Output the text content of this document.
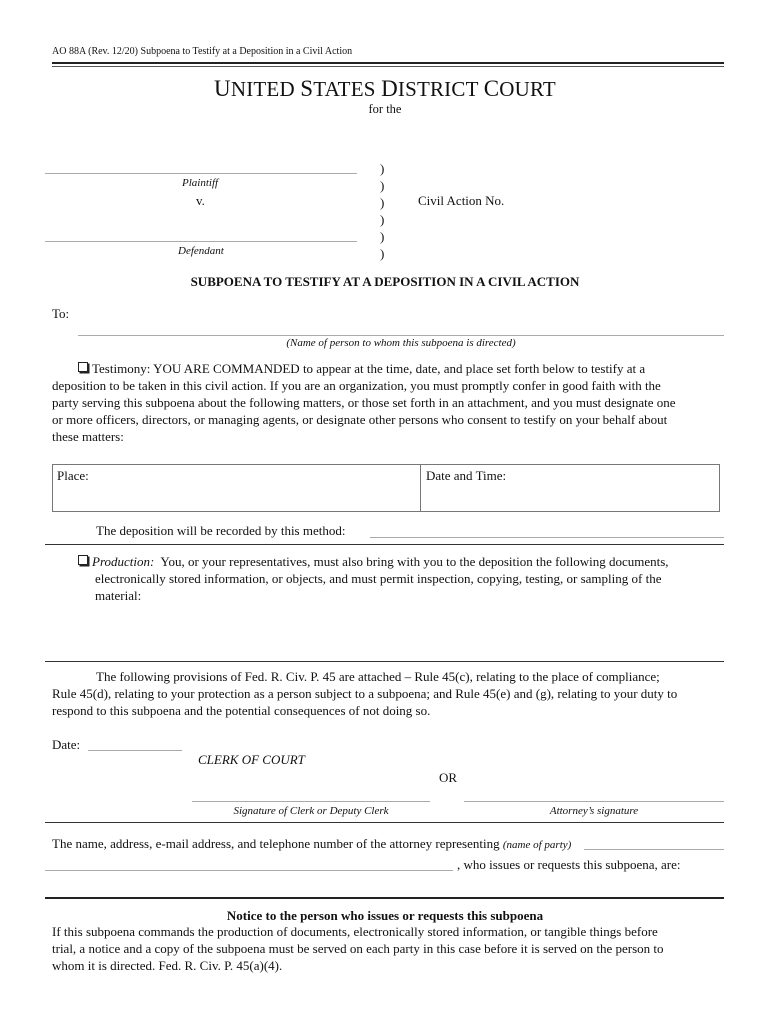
AO 88A (Rev. 12/20) Subpoena to Testify at a Deposition in a Civil Action
UNITED STATES DISTRICT COURT
for the
Plaintiff
v.
Defendant
)
)
)
)
)
)
Civil Action No.
SUBPOENA TO TESTIFY AT A DEPOSITION IN A CIVIL ACTION
To:
(Name of person to whom this subpoena is directed)
Testimony: YOU ARE COMMANDED to appear at the time, date, and place set forth below to testify at a
deposition to be taken in this civil action. If you are an organization, you must promptly confer in good faith with the
party serving this subpoena about the following matters, or those set forth in an attachment, and you must designate one
or more officers, directors, or managing agents, or designate other persons who consent to testify on your behalf about
these matters:
Place:	Date and Time:
The deposition will be recorded by this method:
Production: You, or your representatives, must also bring with you to the deposition the following documents,
electronically stored information, or objects, and must permit inspection, copying, testing, or sampling of the
material:
The following provisions of Fed. R. Civ. P. 45 are attached – Rule 45(c), relating to the place of compliance;
Rule 45(d), relating to your protection as a person subject to a subpoena; and Rule 45(e) and (g), relating to your duty to
respond to this subpoena and the potential consequences of not doing so.
Date:
CLERK OF COURT
OR
Signature of Clerk or Deputy Clerk	Attorney’s signature
The name, address, e-mail address, and telephone number of the attorney representing (name of party)
, who issues or requests this subpoena, are:
Notice to the person who issues or requests this subpoena
If this subpoena commands the production of documents, electronically stored information, or tangible things before
trial, a notice and a copy of the subpoena must be served on each party in this case before it is served on the person to
whom it is directed. Fed. R. Civ. P. 45(a)(4).
